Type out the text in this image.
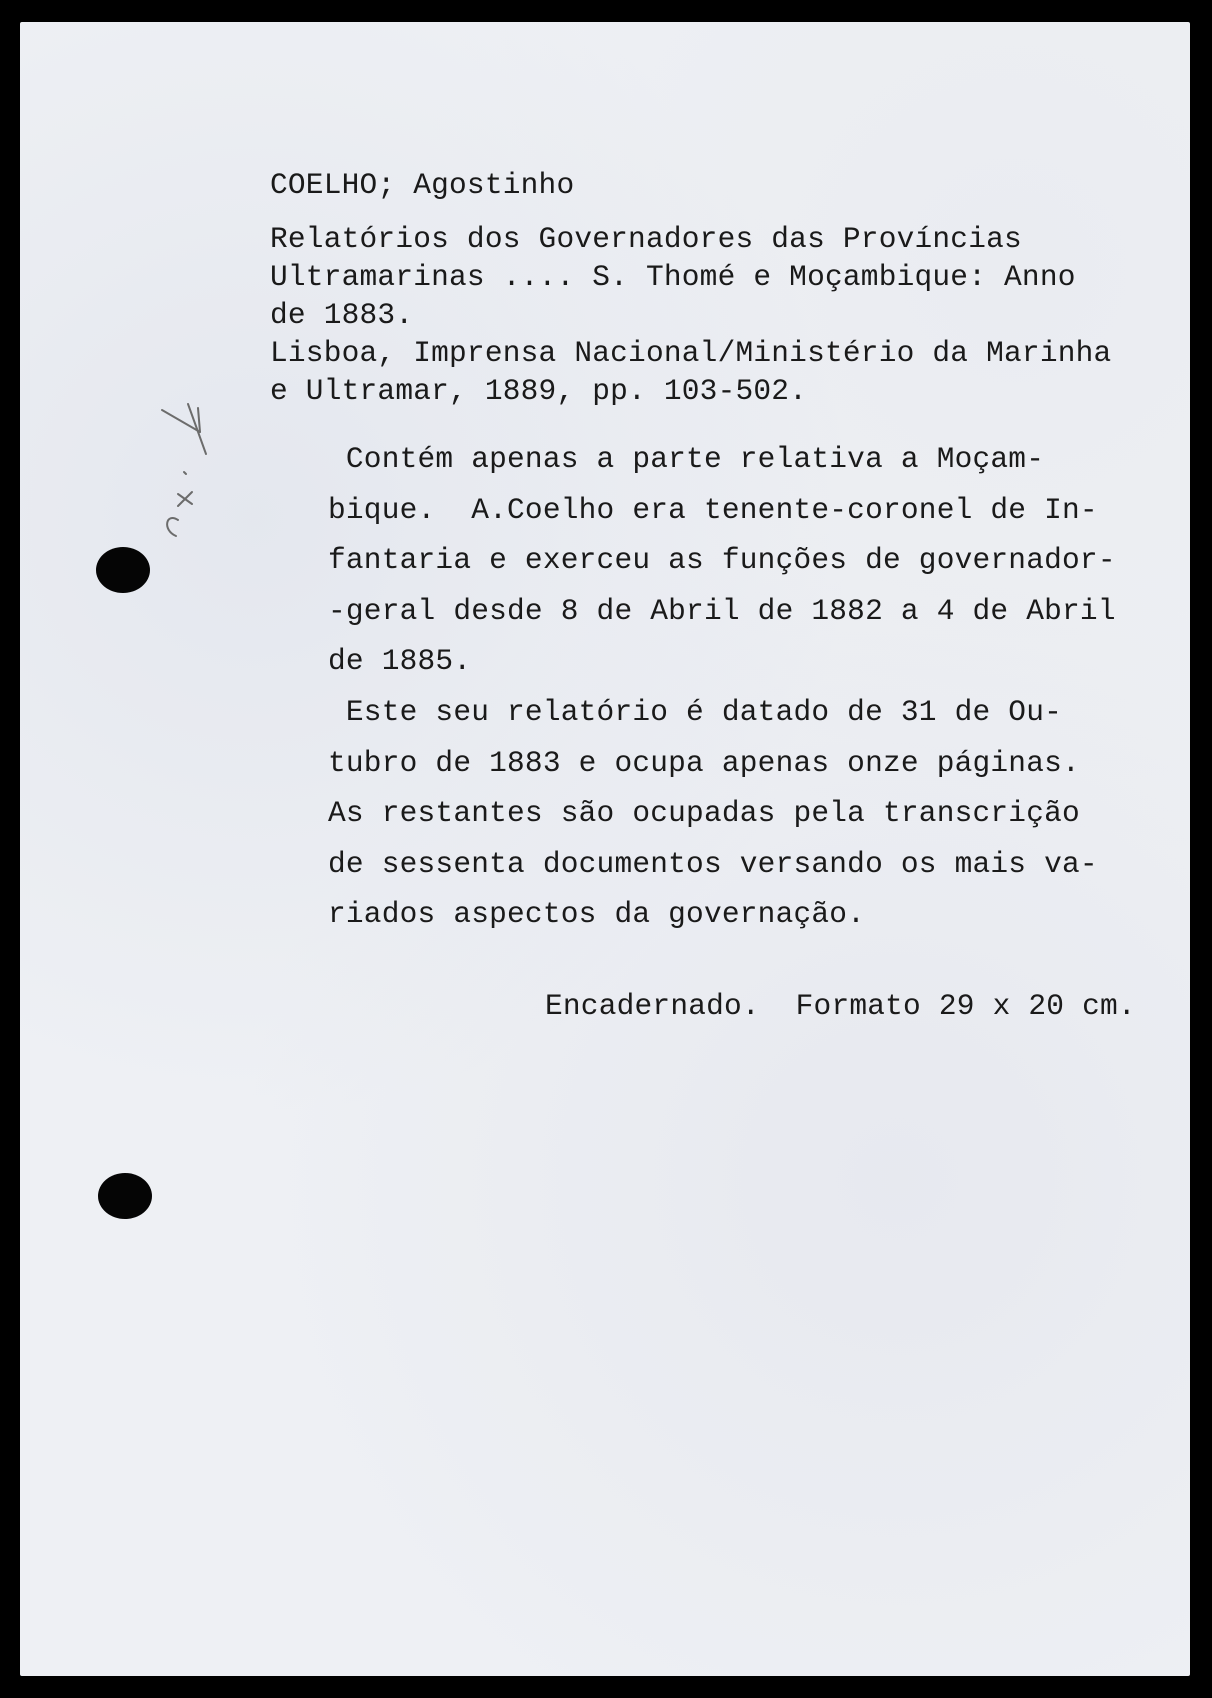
COELHO; Agostinho

Relatórios dos Governadores das Províncias
Ultramarinas .... S. Thomé e Moçambique: Anno
de 1883.
Lisboa, Imprensa Nacional/Ministério da Marinha
e Ultramar, 1889, pp. 103-502.
Contém apenas a parte relativa a Moçam-
bique.  A.Coelho era tenente-coronel de In-
fantaria e exerceu as funções de governador-
-geral desde 8 de Abril de 1882 a 4 de Abril
de 1885.
Este seu relatório é datado de 31 de Ou-
tubro de 1883 e ocupa apenas onze páginas.
As restantes são ocupadas pela transcrição
de sessenta documentos versando os mais va-
riados aspectos da governação.

Encadernado.  Formato 29 x 20 cm.
